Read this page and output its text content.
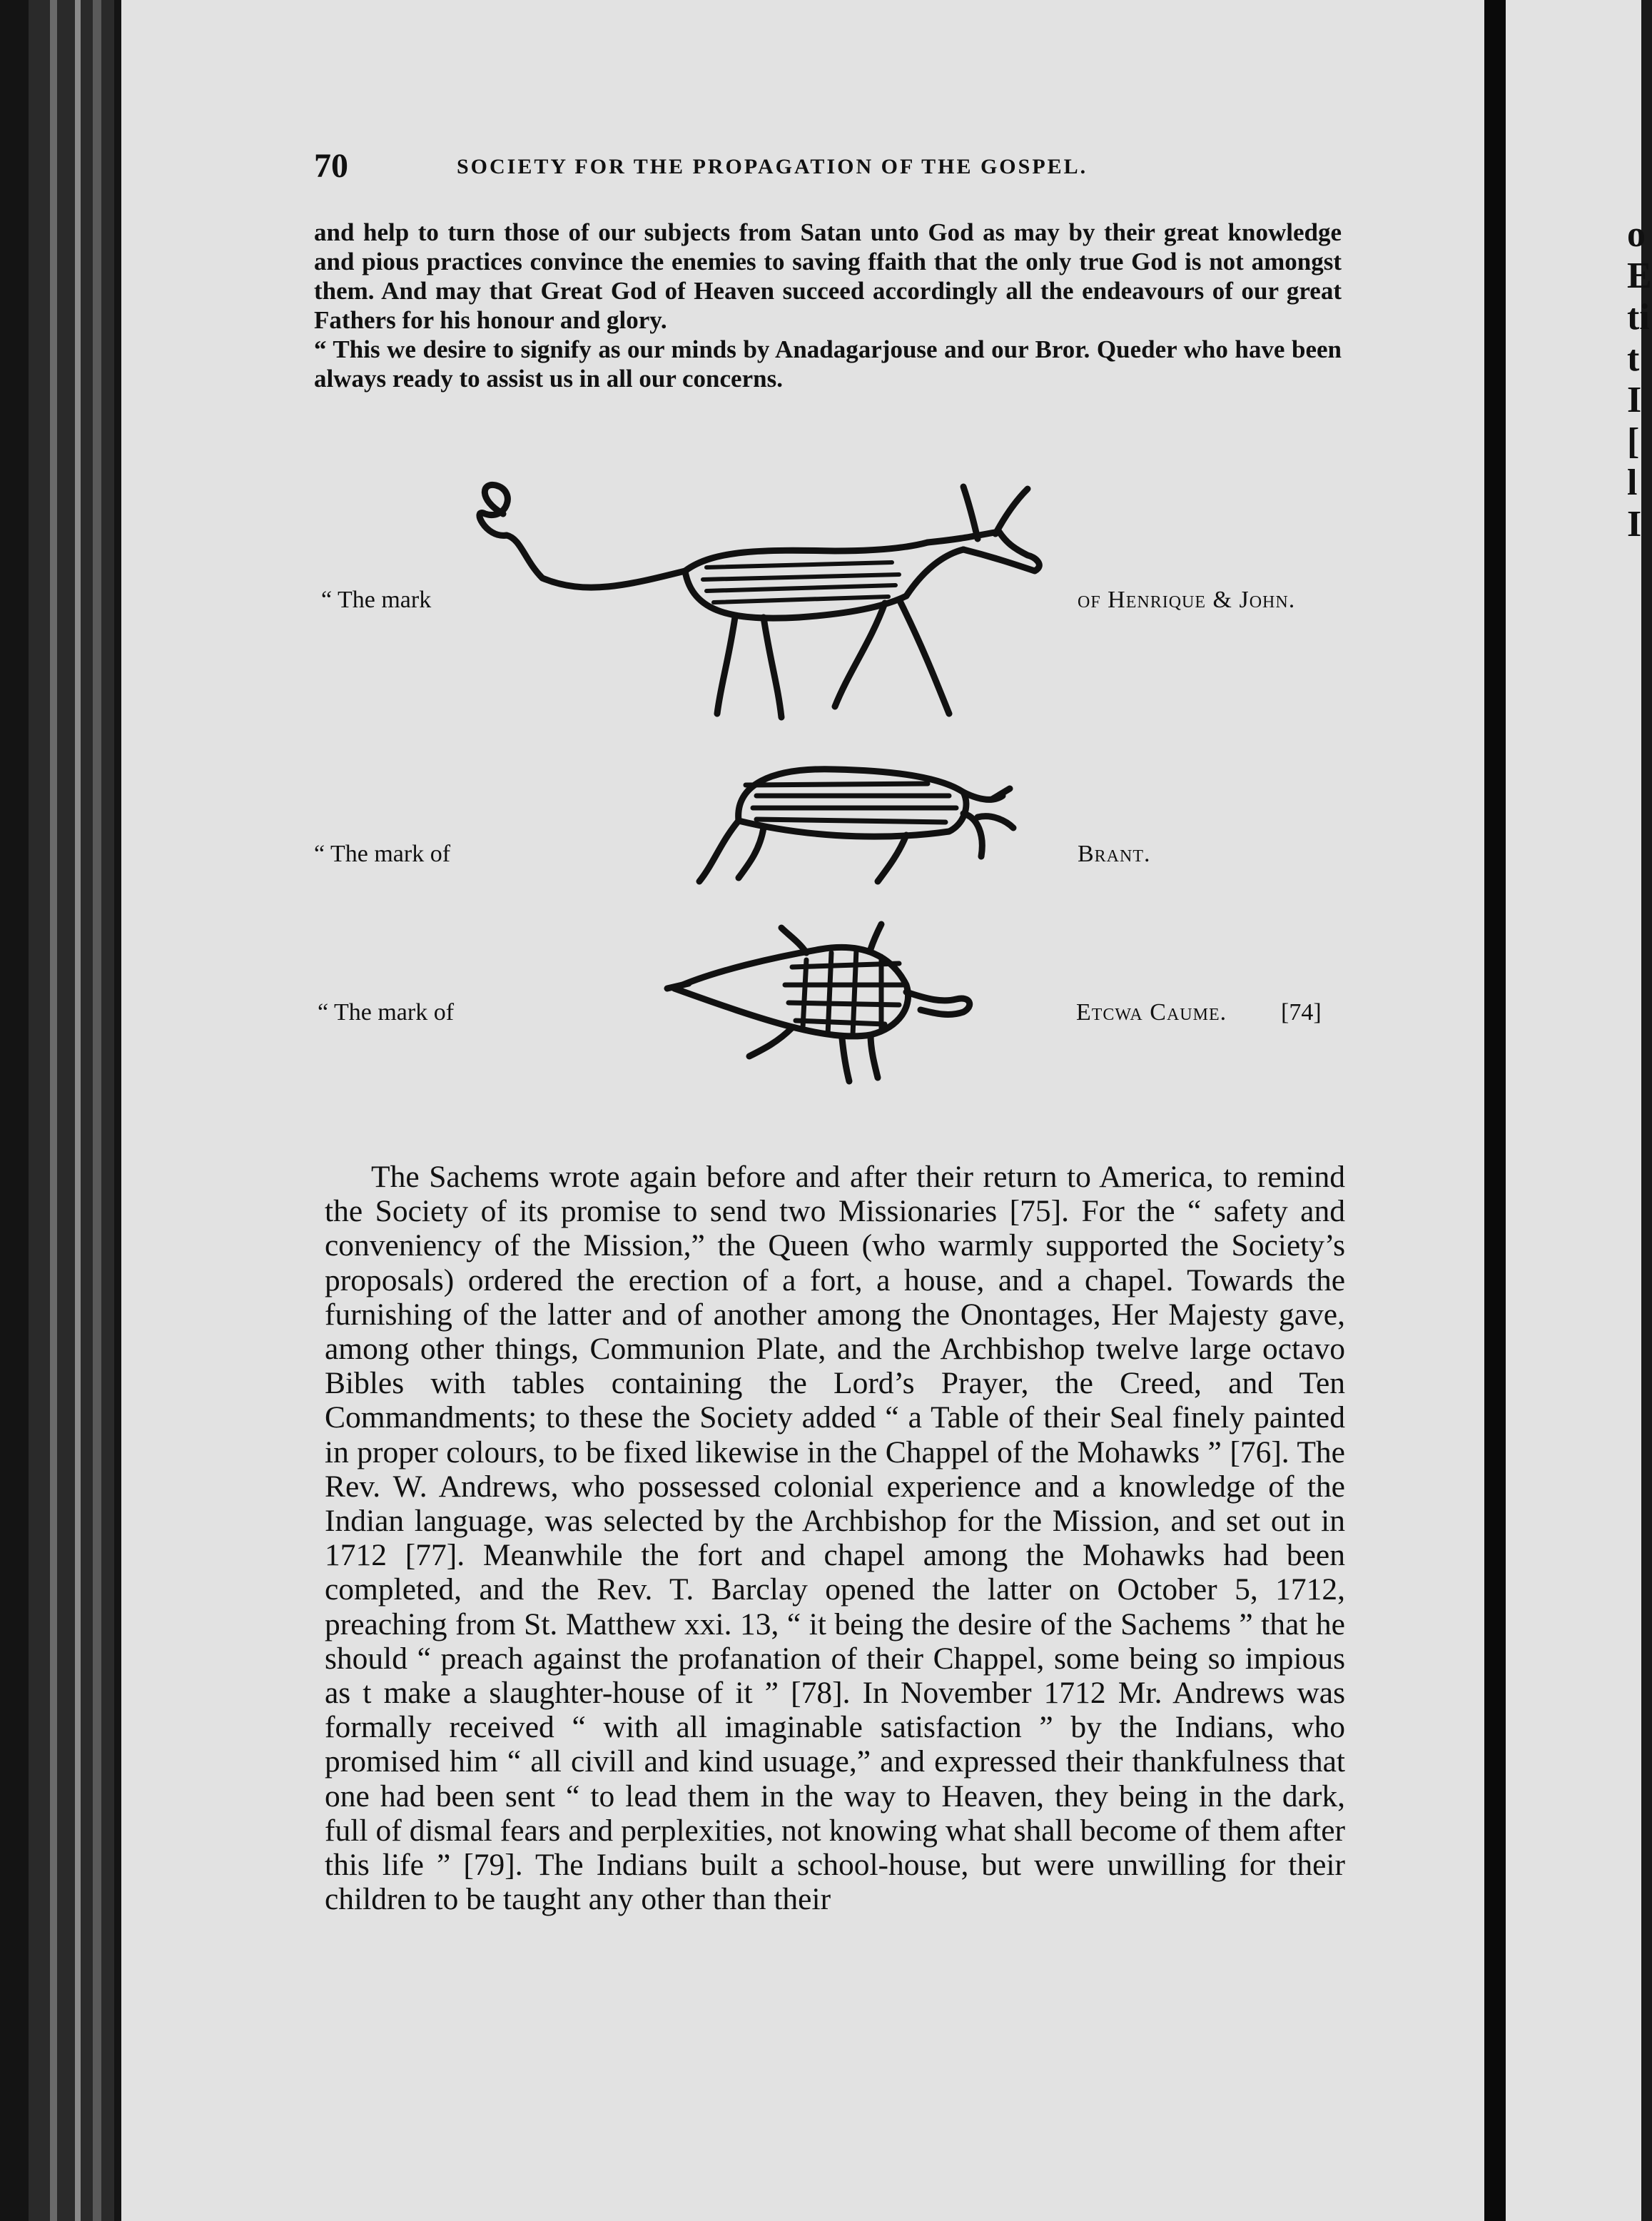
70	SOCIETY FOR THE PROPAGATION OF THE GOSPEL.
and help to turn those of our subjects from Satan unto God as may by their great knowledge and pious practices convince the enemies to saving ffaith that the only true God is not amongst them. And may that Great God of Heaven succeed accordingly all the endeavours of our great Fathers for his honour and glory.
“ This we desire to signify as our minds by Anadagarjouse and our Bror. Queder who have been always ready to assist us in all our concerns.
“ The mark	of Henrique & John.
“ The mark of	Brant.
“ The mark of	Etcwa Caume. [74]
The Sachems wrote again before and after their return to America, to remind the Society of its promise to send two Missionaries [75]. For the “ safety and conveniency of the Mission,” the Queen (who warmly supported the Society’s proposals) ordered the erection of a fort, a house, and a chapel. Towards the furnishing of the latter and of another among the Onontages, Her Majesty gave, among other things, Communion Plate, and the Archbishop twelve large octavo Bibles with tables containing the Lord’s Prayer, the Creed, and Ten Commandments; to these the Society added “ a Table of their Seal finely painted in proper colours, to be fixed likewise in the Chappel of the Mohawks ” [76]. The Rev. W. Andrews, who possessed colonial experience and a knowledge of the Indian language, was selected by the Archbishop for the Mission, and set out in 1712 [77]. Meanwhile the fort and chapel among the Mohawks had been completed, and the Rev. T. Barclay opened the latter on October 5, 1712, preaching from St. Matthew xxi. 13, “ it being the desire of the Sachems ” that he should “ preach against the profanation of their Chappel, some being so impious as t make a slaughter-house of it ” [78]. In November 1712 Mr. Andrews was formally received “ with all imaginable satisfaction ” by the Indians, who promised him “ all civill and kind usuage,” and expressed their thankfulness that one had been sent “ to lead them in the way to Heaven, they being in the dark, full of dismal fears and perplexities, not knowing what shall become of them after this life ” [79]. The Indians built a school-house, but were unwilling for their children to be taught any other than their
o
E
ti
t
I
[
l
I
